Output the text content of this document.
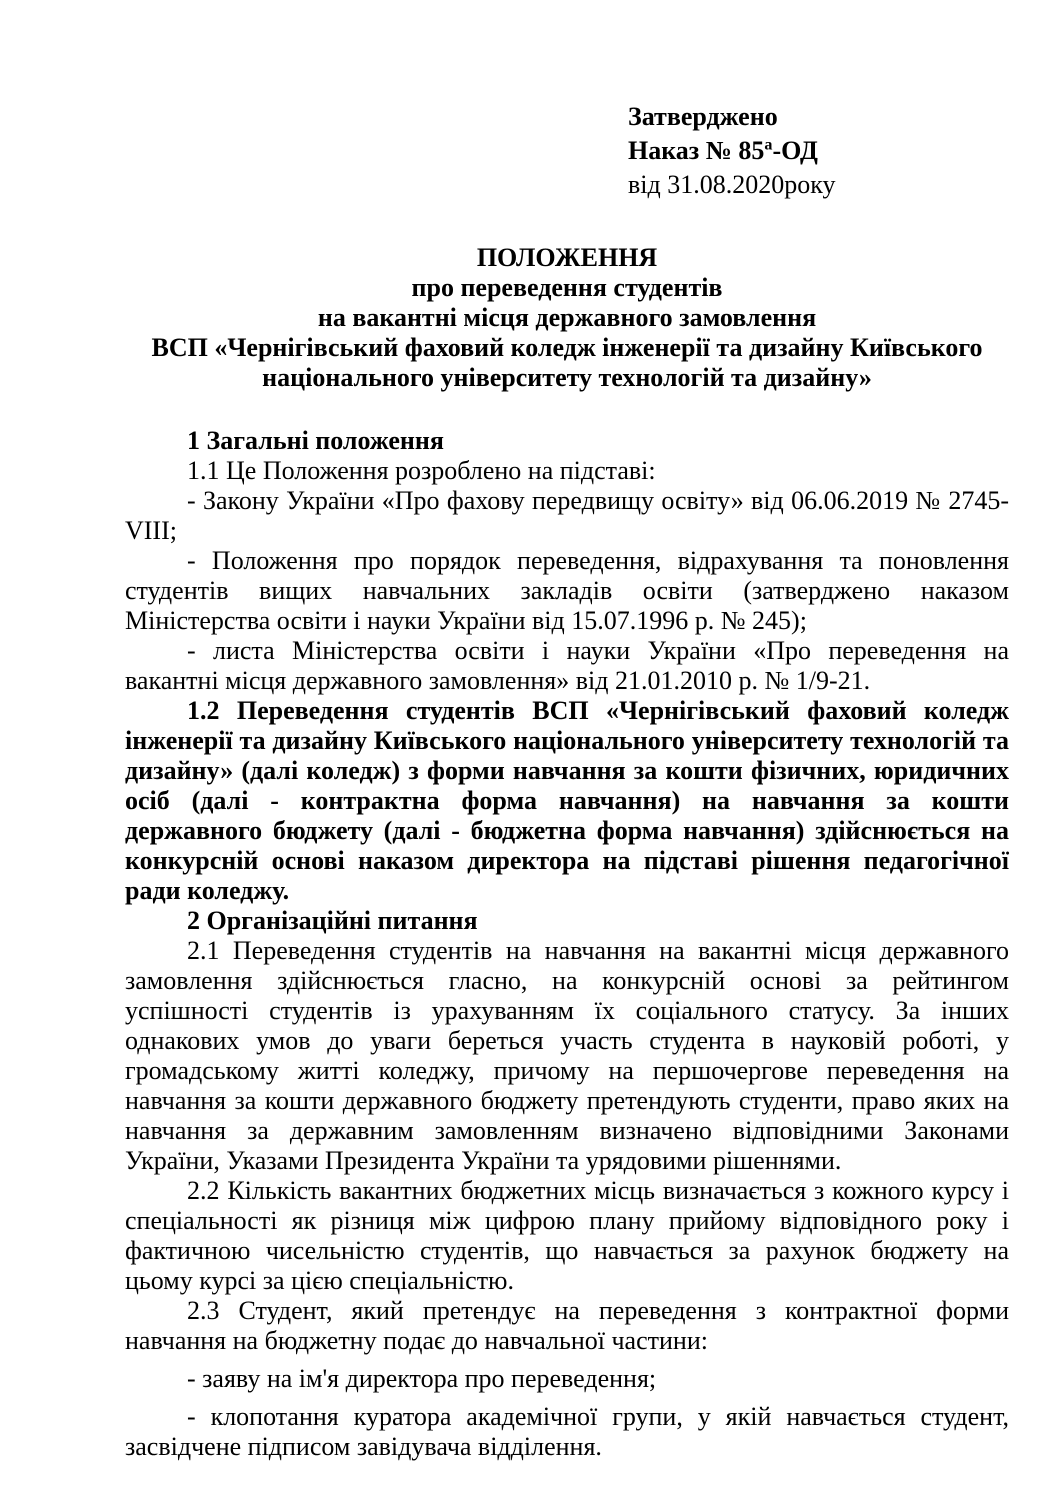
Затверджено
Наказ № $85^а-ОД$
від 31.08.2020року
ПОЛОЖЕННЯ
про переведення студентів
на вакантні місця державного замовлення
ВСП «Чернігівський фаховий коледж інженерії та дизайну Київського
національного університету технологій та дизайну»

1 Загальні положення

1.1 Це Положення розроблено на підставі:

- Закону України «Про фахову передвищу освіту» від 06.06.2019 № 2745-VIII;

- Положення про порядок переведення, відрахування та поновлення студентів вищих навчальних закладів освіти (затверджено наказом Міністерства освіти і науки України від 15.07.1996 р. № 245);

- листа Міністерства освіти і науки України «Про переведення на вакантні місця державного замовлення» від 21.01.2010 р. № 1/9-21.

1.2 Переведення студентів ВСП «Чернігівський фаховий коледж інженерії та дизайну Київського національного університету технологій та дизайну» (далі коледж) з форми навчання за кошти фізичних, юридичних осіб (далі - контрактна форма навчання) на навчання за кошти державного бюджету (далі - бюджетна форма навчання) здійснюється на конкурсній основі наказом директора на підставі рішення педагогічної ради коледжу.

2 Організаційні питання

2.1 Переведення студентів на навчання на вакантні місця державного замовлення здійснюється гласно, на конкурсній основі за рейтингом успішності студентів із урахуванням їх соціального статусу. За інших однакових умов до уваги береться участь студента в науковій роботі, у громадському житті коледжу, причому на першочергове переведення на навчання за кошти державного бюджету претендують студенти, право яких на навчання за державним замовленням визначено відповідними Законами України, Указами Президента України та урядовими рішеннями.

2.2 Кількість вакантних бюджетних місць визначається з кожного курсу і спеціальності як різниця між цифрою плану прийому відповідного року і фактичною чисельністю студентів, що навчається за рахунок бюджету на цьому курсі за цією спеціальністю.

2.3 Студент, який претендує на переведення з контрактної форми навчання на бюджетну подає до навчальної частини:

- заяву на ім'я директора про переведення;

- клопотання куратора академічної групи, у якій навчається студент, засвідчене підписом завідувача відділення.
